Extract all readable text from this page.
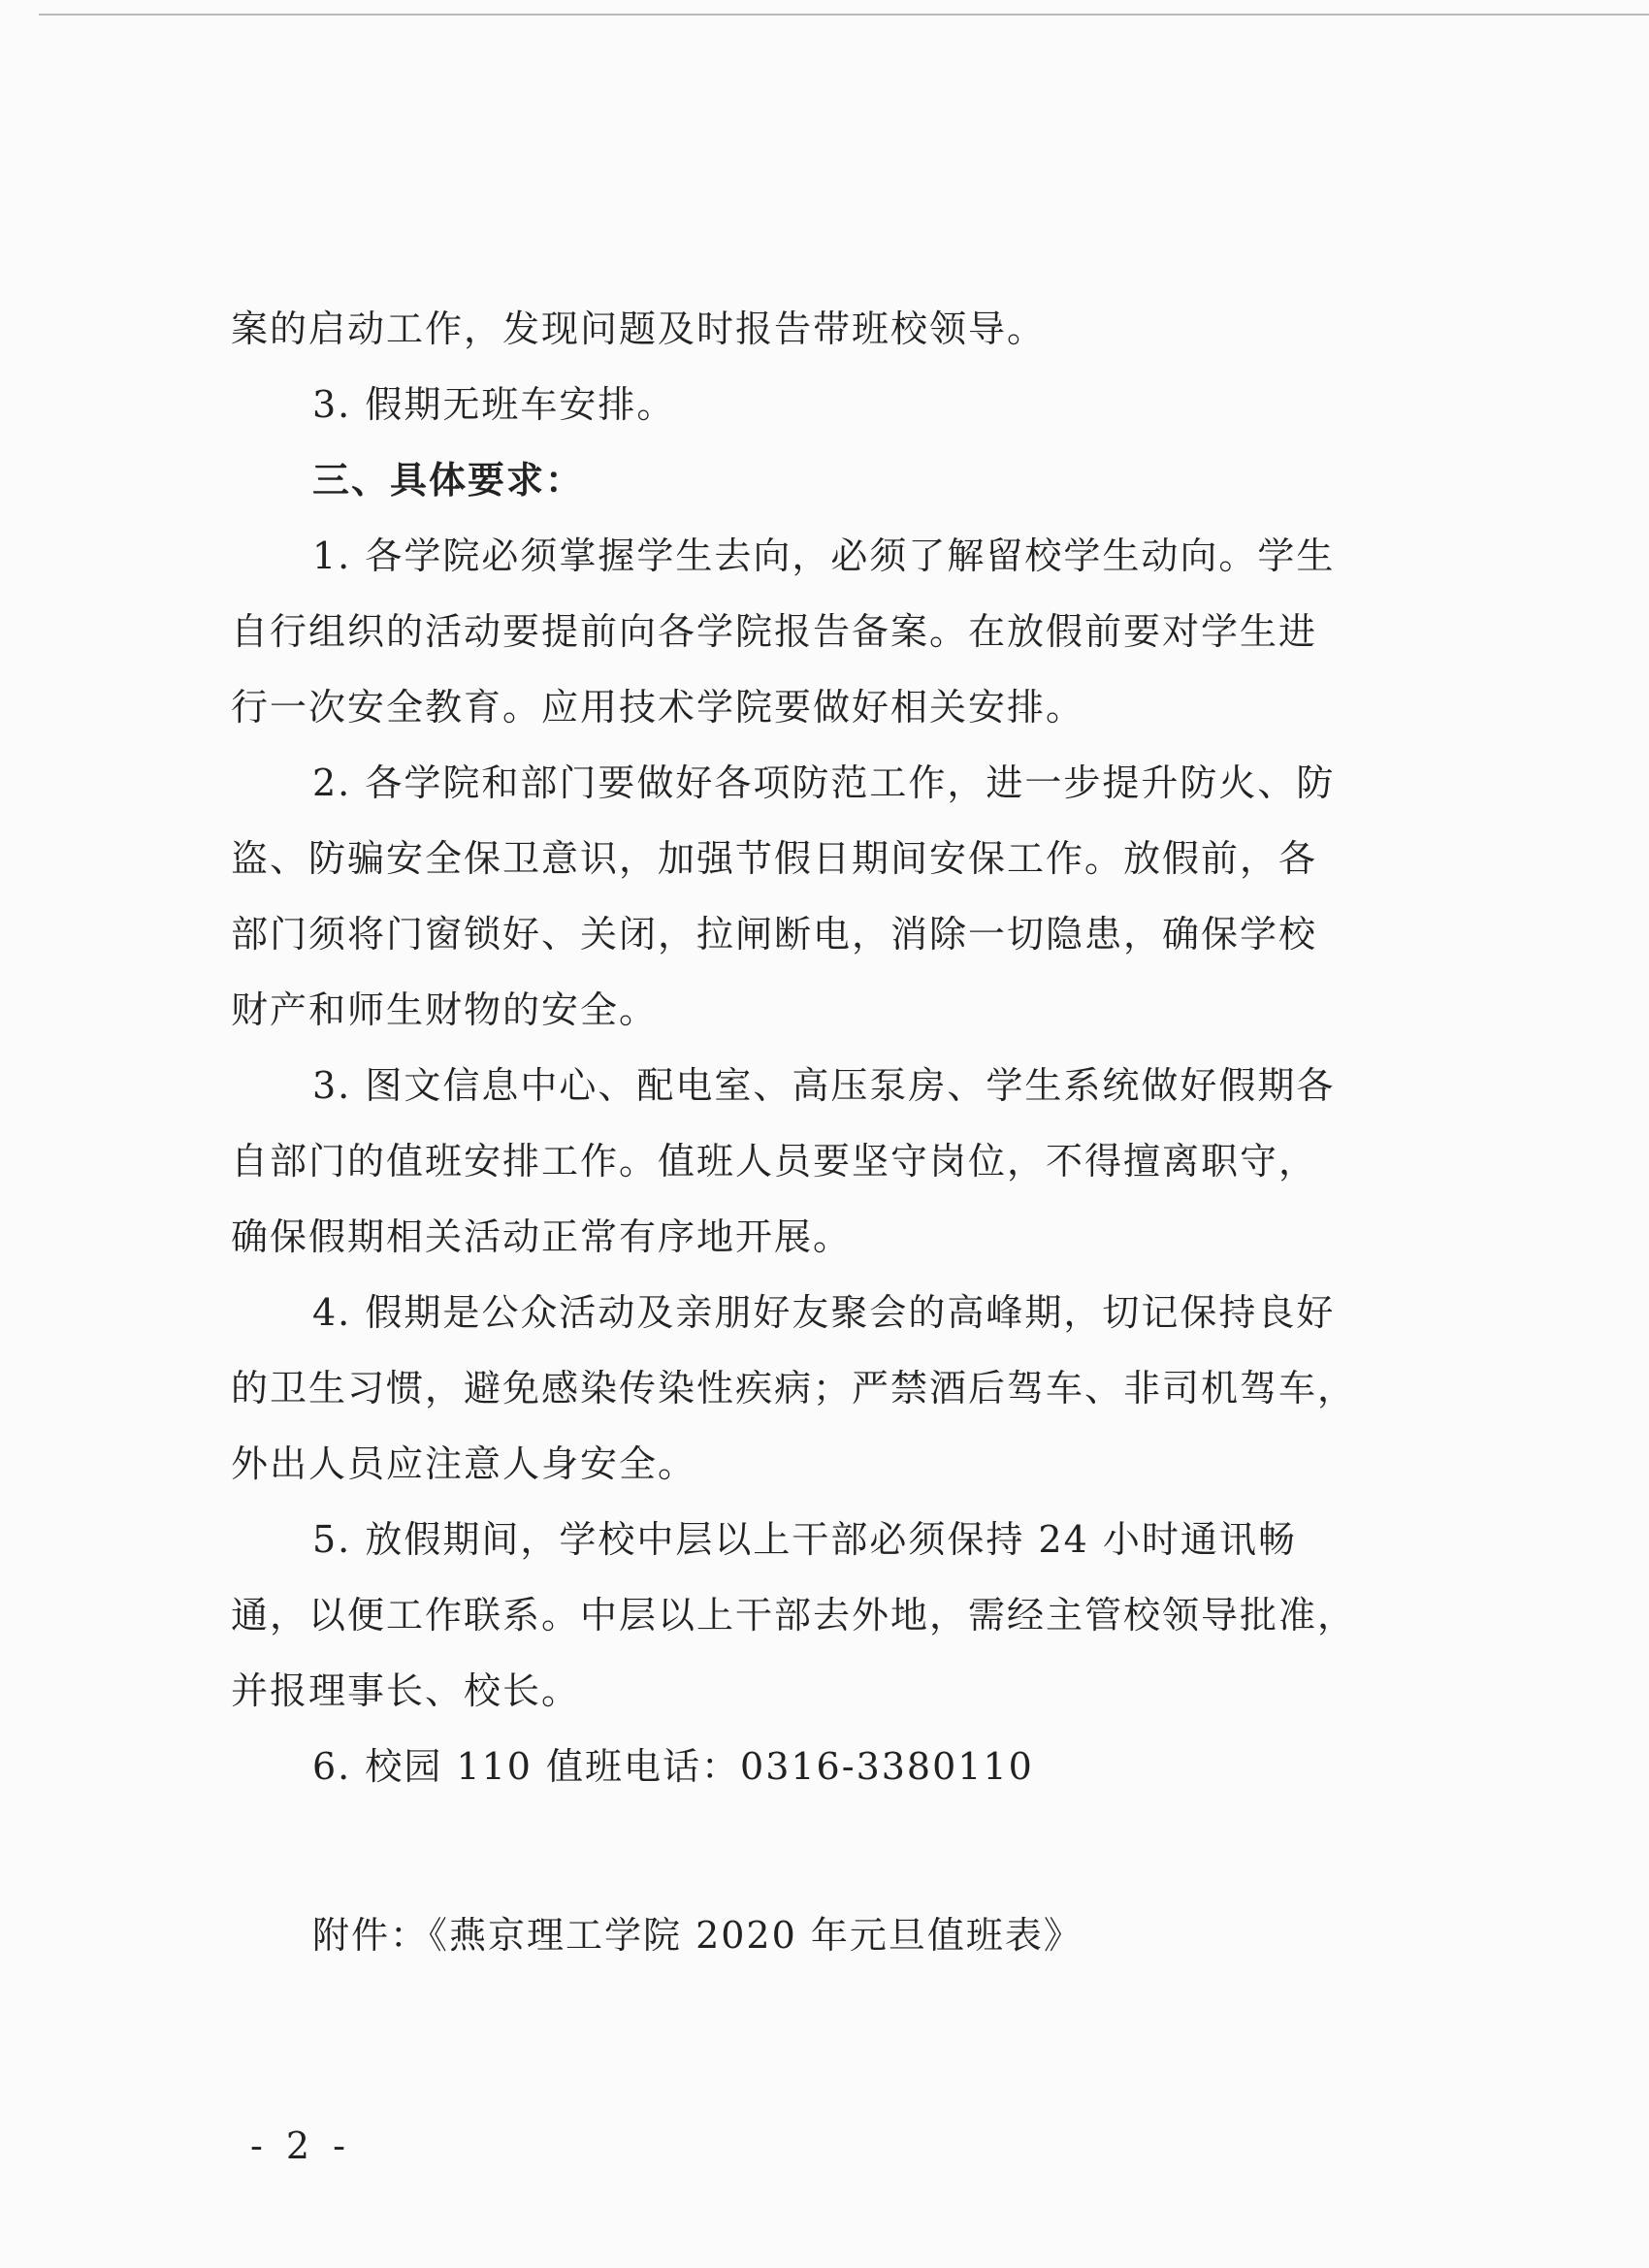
案的启动工作，发现问题及时报告带班校领导。
3. 假期无班车安排。
三、具体要求：
1. 各学院必须掌握学生去向，必须了解留校学生动向。学生
自行组织的活动要提前向各学院报告备案。在放假前要对学生进
行一次安全教育。应用技术学院要做好相关安排。
2. 各学院和部门要做好各项防范工作，进一步提升防火、防
盗、防骗安全保卫意识，加强节假日期间安保工作。放假前，各
部门须将门窗锁好、关闭，拉闸断电，消除一切隐患，确保学校
财产和师生财物的安全。
3. 图文信息中心、配电室、高压泵房、学生系统做好假期各
自部门的值班安排工作。值班人员要坚守岗位，不得擅离职守，
确保假期相关活动正常有序地开展。
4. 假期是公众活动及亲朋好友聚会的高峰期，切记保持良好
的卫生习惯，避免感染传染性疾病；严禁酒后驾车、非司机驾车，
外出人员应注意人身安全。
5. 放假期间，学校中层以上干部必须保持 24 小时通讯畅
通，以便工作联系。中层以上干部去外地，需经主管校领导批准，
并报理事长、校长。
6. 校园 110 值班电话：0316-3380110
附件：《燕京理工学院 2020 年元旦值班表》
- 2 -
